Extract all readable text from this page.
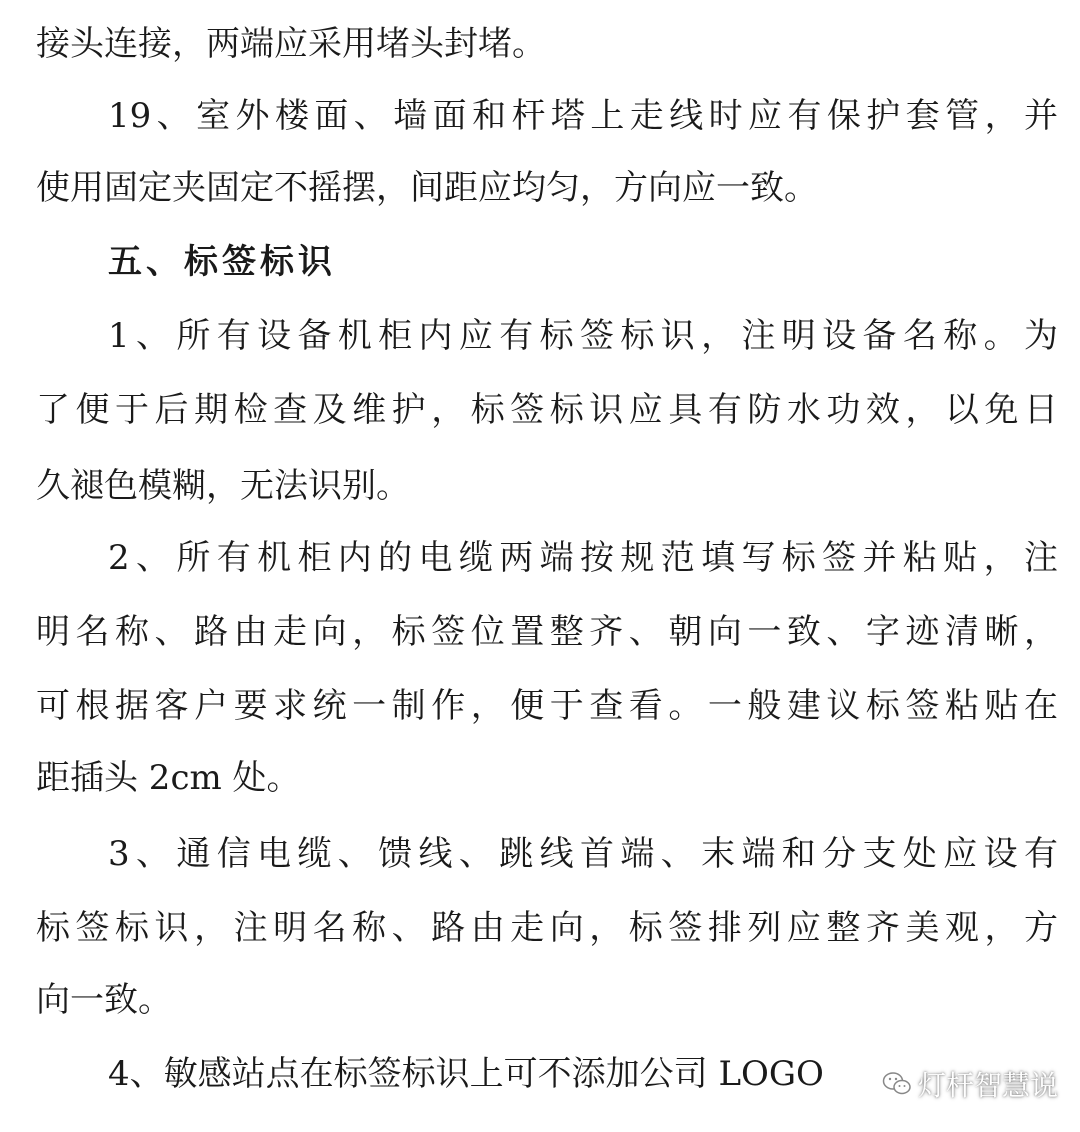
接头连接，两端应采用堵头封堵。
19、室外楼面、墙面和杆塔上走线时应有保护套管，并
使用固定夹固定不摇摆，间距应均匀，方向应一致。
五、标签标识
1、所有设备机柜内应有标签标识，注明设备名称。为
了便于后期检查及维护，标签标识应具有防水功效，以免日
久褪色模糊，无法识别。
2、所有机柜内的电缆两端按规范填写标签并粘贴，注
明名称、路由走向，标签位置整齐、朝向一致、字迹清晰，
可根据客户要求统一制作，便于查看。一般建议标签粘贴在
距插头 2cm 处。
3、通信电缆、馈线、跳线首端、末端和分支处应设有
标签标识，注明名称、路由走向，标签排列应整齐美观，方
向一致。
4、敏感站点在标签标识上可不添加公司 LOGO	灯杆智慧说
